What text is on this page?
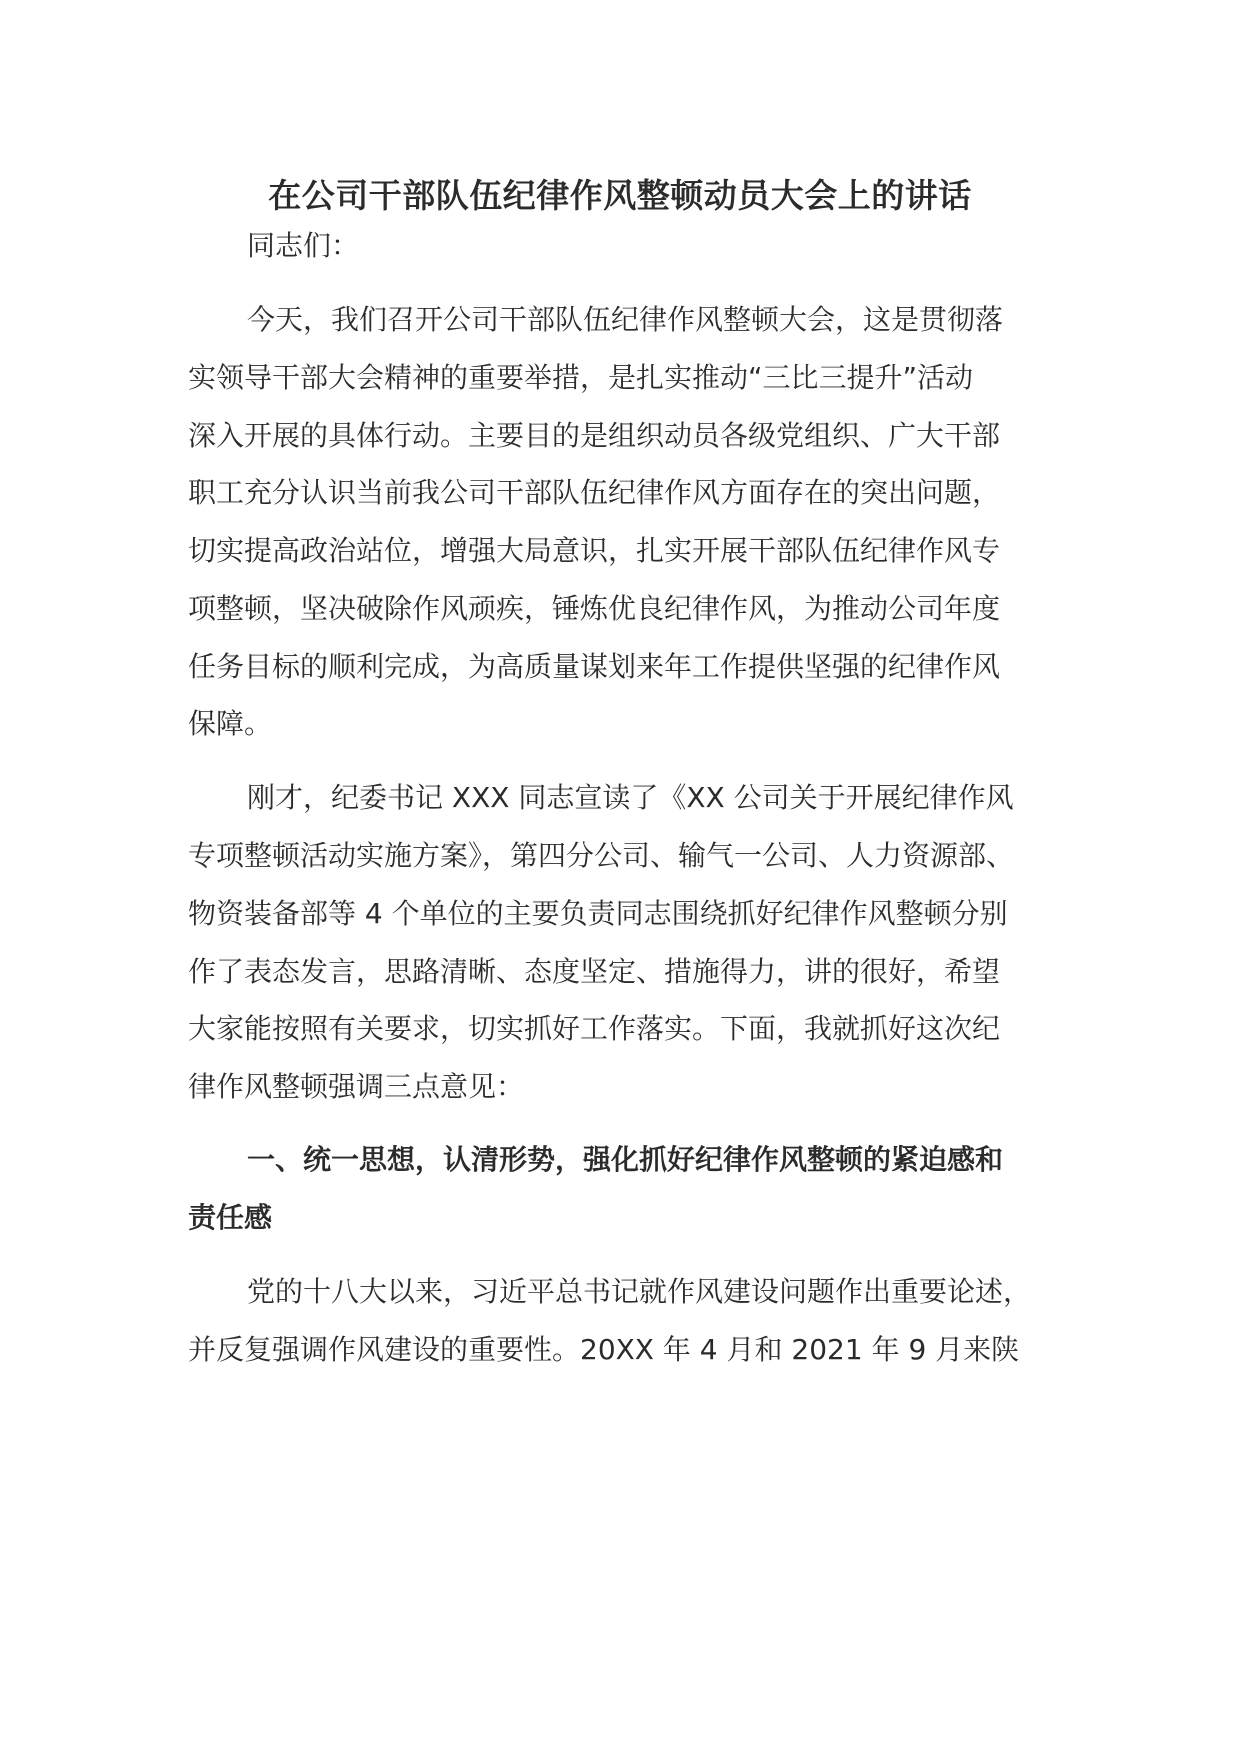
在公司干部队伍纪律作风整顿动员大会上的讲话

同志们：

今天，我们召开公司干部队伍纪律作风整顿大会，这是贯彻落

实领导干部大会精神的重要举措，是扎实推动“三比三提升”活动

深入开展的具体行动。主要目的是组织动员各级党组织、广大干部

职工充分认识当前我公司干部队伍纪律作风方面存在的突出问题，

切实提高政治站位，增强大局意识，扎实开展干部队伍纪律作风专

项整顿，坚决破除作风顽疾，锤炼优良纪律作风，为推动公司年度

任务目标的顺利完成，为高质量谋划来年工作提供坚强的纪律作风

保障。

刚才，纪委书记 XXX 同志宣读了《XX 公司关于开展纪律作风

专项整顿活动实施方案》，第四分公司、输气一公司、人力资源部、

物资装备部等 4 个单位的主要负责同志围绕抓好纪律作风整顿分别

作了表态发言，思路清晰、态度坚定、措施得力，讲的很好，希望

大家能按照有关要求，切实抓好工作落实。下面，我就抓好这次纪

律作风整顿强调三点意见：

一、统一思想，认清形势，强化抓好纪律作风整顿的紧迫感和

责任感

党的十八大以来，习近平总书记就作风建设问题作出重要论述，

并反复强调作风建设的重要性。20XX 年 4 月和 2021 年 9 月来陕
